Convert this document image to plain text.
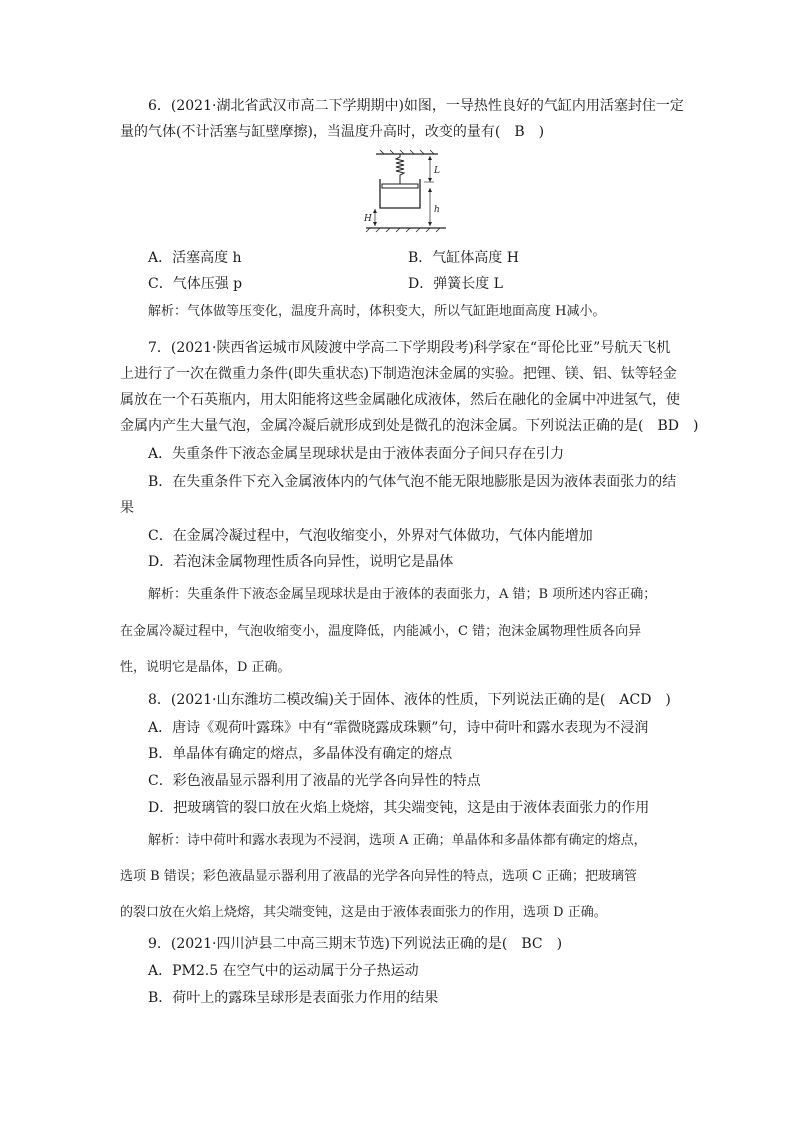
6．(2021·湖北省武汉市高二下学期期中)如图，一导热性良好的气缸内用活塞封住一定
量的气体(不计活塞与缸壁摩擦)，当温度升高时，改变的量有(　B　)
L
h
H
A．活塞高度 h	B．气缸体高度 H
C．气体压强 p	D．弹簧长度 L
解析：气体做等压变化，温度升高时，体积变大，所以气缸距地面高度 H减小。
7．(2021·陕西省运城市风陵渡中学高二下学期段考)科学家在“哥伦比亚”号航天飞机
上进行了一次在微重力条件(即失重状态)下制造泡沫金属的实验。把锂、镁、铝、钛等轻金
属放在一个石英瓶内，用太阳能将这些金属融化成液体，然后在融化的金属中冲进氢气，使
金属内产生大量气泡，金属冷凝后就形成到处是微孔的泡沫金属。下列说法正确的是(　BD　)
A．失重条件下液态金属呈现球状是由于液体表面分子间只存在引力
B．在失重条件下充入金属液体内的气体气泡不能无限地膨胀是因为液体表面张力的结
果
C．在金属冷凝过程中，气泡收缩变小，外界对气体做功，气体内能增加
D．若泡沫金属物理性质各向异性，说明它是晶体
解析：失重条件下液态金属呈现球状是由于液体的表面张力，A 错；B 项所述内容正确；
在金属冷凝过程中，气泡收缩变小，温度降低，内能减小，C 错；泡沫金属物理性质各向异
性，说明它是晶体，D 正确。
8．(2021·山东潍坊二模改编)关于固体、液体的性质，下列说法正确的是(　ACD　)
A．唐诗《观荷叶露珠》中有“霏微晓露成珠颗”句，诗中荷叶和露水表现为不浸润
B．单晶体有确定的熔点，多晶体没有确定的熔点
C．彩色液晶显示器利用了液晶的光学各向异性的特点
D．把玻璃管的裂口放在火焰上烧熔，其尖端变钝，这是由于液体表面张力的作用
解析：诗中荷叶和露水表现为不浸润，选项 A 正确；单晶体和多晶体都有确定的熔点，
选项 B 错误；彩色液晶显示器利用了液晶的光学各向异性的特点，选项 C 正确；把玻璃管
的裂口放在火焰上烧熔，其尖端变钝，这是由于液体表面张力的作用，选项 D 正确。
9．(2021·四川泸县二中高三期末节选)下列说法正确的是(　BC　)
A．PM2.5 在空气中的运动属于分子热运动
B．荷叶上的露珠呈球形是表面张力作用的结果
